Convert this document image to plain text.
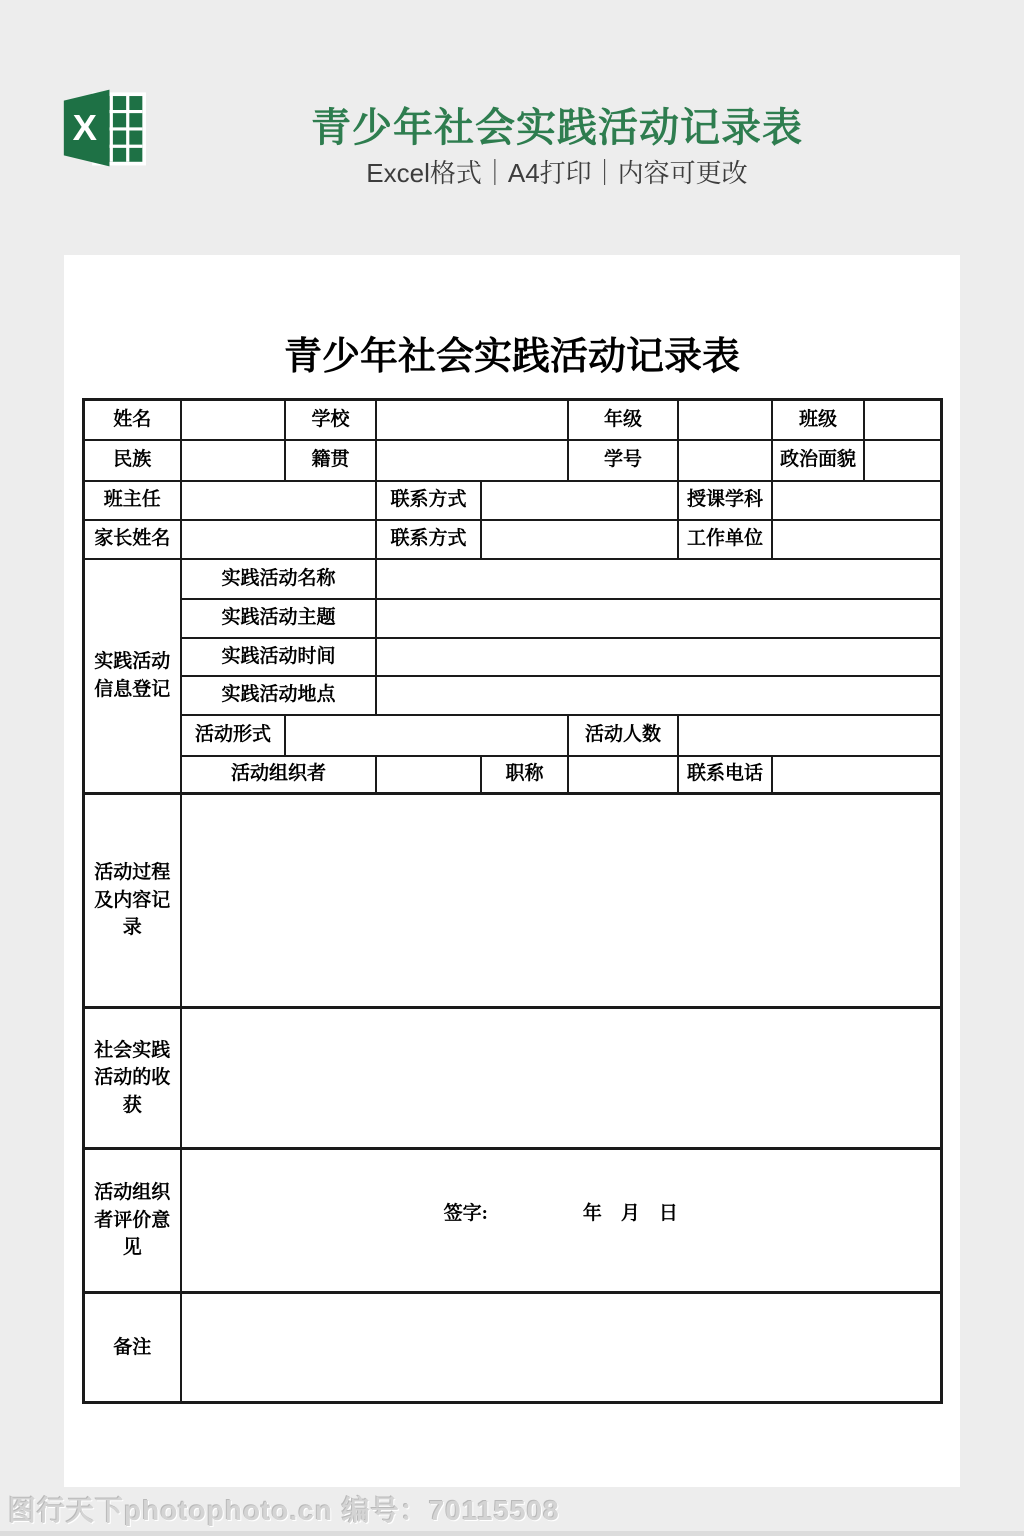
X	青少年社会实践活动记录表
Excel格式｜A4打印｜内容可更改
青少年社会实践活动记录表
姓名		学校			年级		班级	
民族		籍贯			学号		政治面貌	
班主任			联系方式			授课学科		
家长姓名			联系方式			工作单位		
实践活动信息登记	实践活动名称							
	实践活动主题							
	实践活动时间							
	实践活动地点							
	活动形式				活动人数			
	活动组织者			职称		联系电话		
活动过程及内容记录								
社会实践活动的收获								
活动组织者评价意见	签字:　　　　　年　月　日							

备注								
图行天下photophoto.cn 编号：70115508
